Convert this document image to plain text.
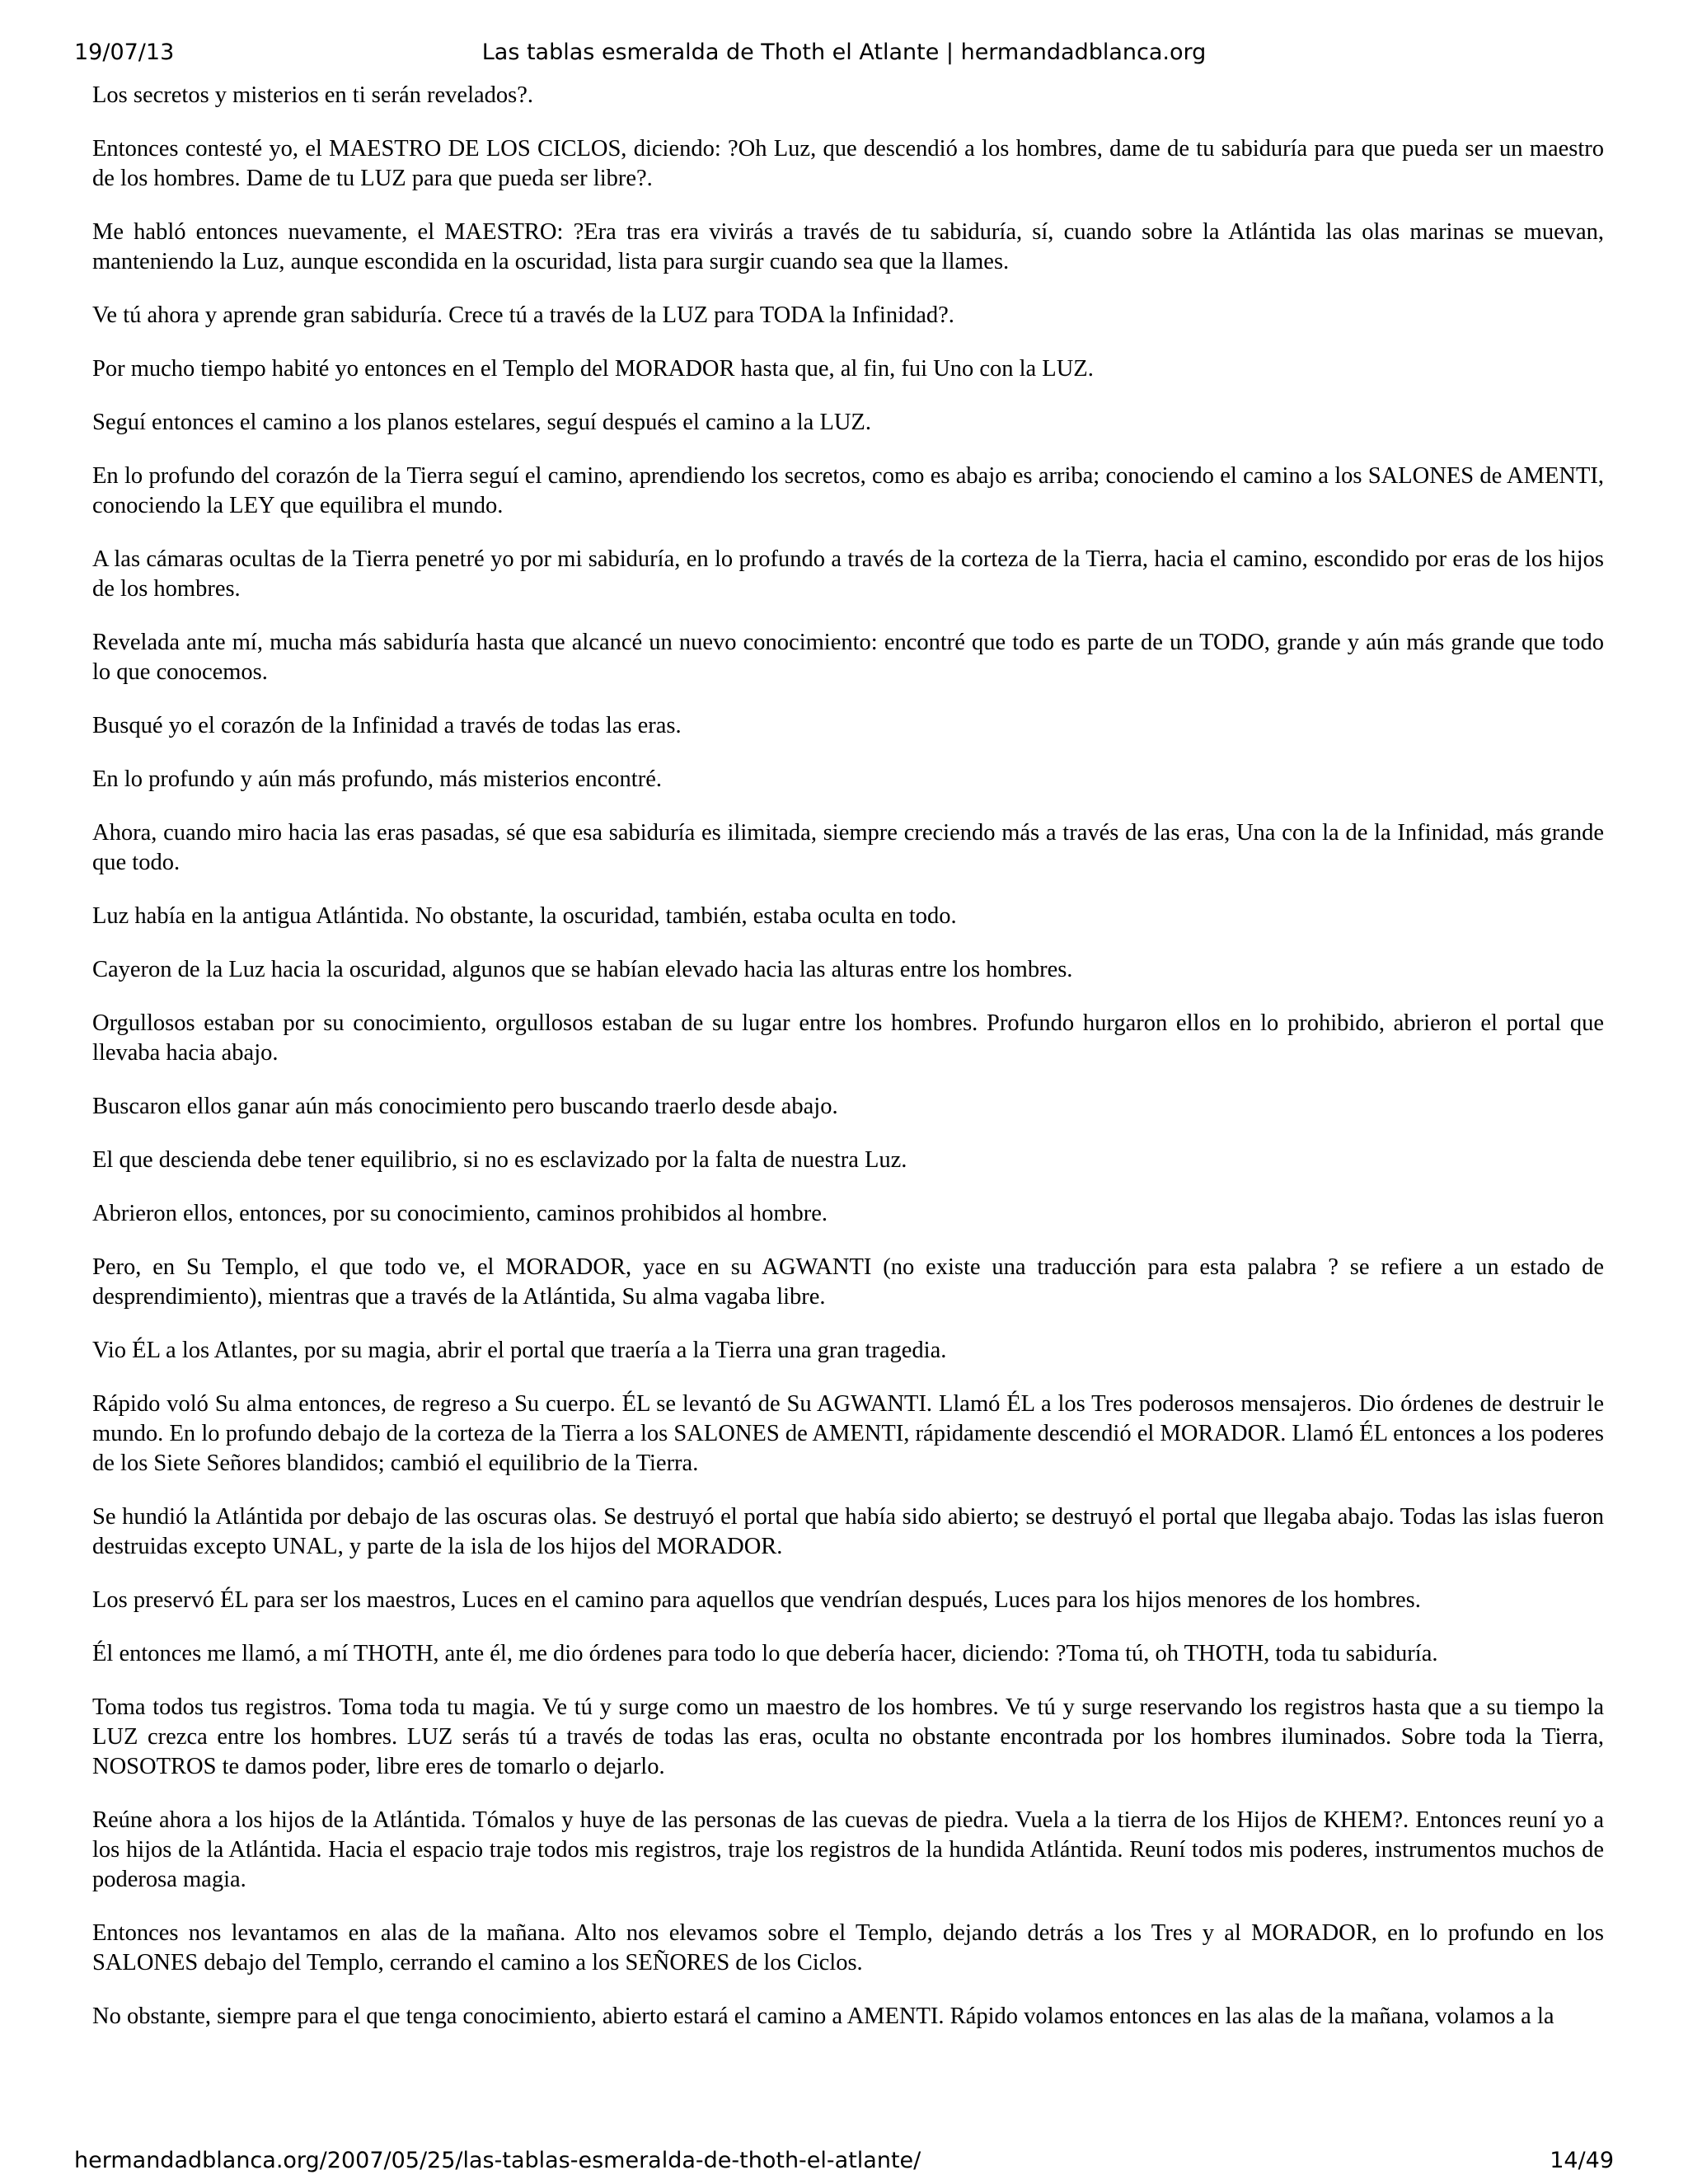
19/07/13	Las tablas esmeralda de Thoth el Atlante | hermandadblanca.org

Los secretos y misterios en ti serán revelados?.

Entonces contesté yo, el MAESTRO DE LOS CICLOS, diciendo: ?Oh Luz, que descendió a los hombres, dame de tu sabiduría para que pueda ser un maestro de los hombres. Dame de tu LUZ para que pueda ser libre?.

Me habló entonces nuevamente, el MAESTRO: ?Era tras era vivirás a través de tu sabiduría, sí, cuando sobre la Atlántida las olas marinas se muevan, manteniendo la Luz, aunque escondida en la oscuridad, lista para surgir cuando sea que la llames.

Ve tú ahora y aprende gran sabiduría. Crece tú a través de la LUZ para TODA la Infinidad?.

Por mucho tiempo habité yo entonces en el Templo del MORADOR hasta que, al fin, fui Uno con la LUZ.

Seguí entonces el camino a los planos estelares, seguí después el camino a la LUZ.

En lo profundo del corazón de la Tierra seguí el camino, aprendiendo los secretos, como es abajo es arriba; conociendo el camino a los SALONES de AMENTI, conociendo la LEY que equilibra el mundo.

A las cámaras ocultas de la Tierra penetré yo por mi sabiduría, en lo profundo a través de la corteza de la Tierra, hacia el camino, escondido por eras de los hijos de los hombres.

Revelada ante mí, mucha más sabiduría hasta que alcancé un nuevo conocimiento: encontré que todo es parte de un TODO, grande y aún más grande que todo lo que conocemos.

Busqué yo el corazón de la Infinidad a través de todas las eras.

En lo profundo y aún más profundo, más misterios encontré.

Ahora, cuando miro hacia las eras pasadas, sé que esa sabiduría es ilimitada, siempre creciendo más a través de las eras, Una con la de la Infinidad, más grande que todo.

Luz había en la antigua Atlántida. No obstante, la oscuridad, también, estaba oculta en todo.

Cayeron de la Luz hacia la oscuridad, algunos que se habían elevado hacia las alturas entre los hombres.

Orgullosos estaban por su conocimiento, orgullosos estaban de su lugar entre los hombres. Profundo hurgaron ellos en lo prohibido, abrieron el portal que llevaba hacia abajo.

Buscaron ellos ganar aún más conocimiento pero buscando traerlo desde abajo.

El que descienda debe tener equilibrio, si no es esclavizado por la falta de nuestra Luz.

Abrieron ellos, entonces, por su conocimiento, caminos prohibidos al hombre.

Pero, en Su Templo, el que todo ve, el MORADOR, yace en su AGWANTI (no existe una traducción para esta palabra ? se refiere a un estado de desprendimiento), mientras que a través de la Atlántida, Su alma vagaba libre.

Vio ÉL a los Atlantes, por su magia, abrir el portal que traería a la Tierra una gran tragedia.

Rápido voló Su alma entonces, de regreso a Su cuerpo. ÉL se levantó de Su AGWANTI. Llamó ÉL a los Tres poderosos mensajeros. Dio órdenes de destruir le mundo. En lo profundo debajo de la corteza de la Tierra a los SALONES de AMENTI, rápidamente descendió el MORADOR. Llamó ÉL entonces a los poderes de los Siete Señores blandidos; cambió el equilibrio de la Tierra.

Se hundió la Atlántida por debajo de las oscuras olas. Se destruyó el portal que había sido abierto; se destruyó el portal que llegaba abajo. Todas las islas fueron destruidas excepto UNAL, y parte de la isla de los hijos del MORADOR.

Los preservó ÉL para ser los maestros, Luces en el camino para aquellos que vendrían después, Luces para los hijos menores de los hombres.

Él entonces me llamó, a mí THOTH, ante él, me dio órdenes para todo lo que debería hacer, diciendo: ?Toma tú, oh THOTH, toda tu sabiduría.

Toma todos tus registros. Toma toda tu magia. Ve tú y surge como un maestro de los hombres. Ve tú y surge reservando los registros hasta que a su tiempo la LUZ crezca entre los hombres. LUZ serás tú a través de todas las eras, oculta no obstante encontrada por los hombres iluminados. Sobre toda la Tierra, NOSOTROS te damos poder, libre eres de tomarlo o dejarlo.

Reúne ahora a los hijos de la Atlántida. Tómalos y huye de las personas de las cuevas de piedra. Vuela a la tierra de los Hijos de KHEM?. Entonces reuní yo a los hijos de la Atlántida. Hacia el espacio traje todos mis registros, traje los registros de la hundida Atlántida. Reuní todos mis poderes, instrumentos muchos de poderosa magia.

Entonces nos levantamos en alas de la mañana. Alto nos elevamos sobre el Templo, dejando detrás a los Tres y al MORADOR, en lo profundo en los SALONES debajo del Templo, cerrando el camino a los SEÑORES de los Ciclos.

No obstante, siempre para el que tenga conocimiento, abierto estará el camino a AMENTI. Rápido volamos entonces en las alas de la mañana, volamos a la

hermandadblanca.org/2007/05/25/las-tablas-esmeralda-de-thoth-el-atlante/	14/49
